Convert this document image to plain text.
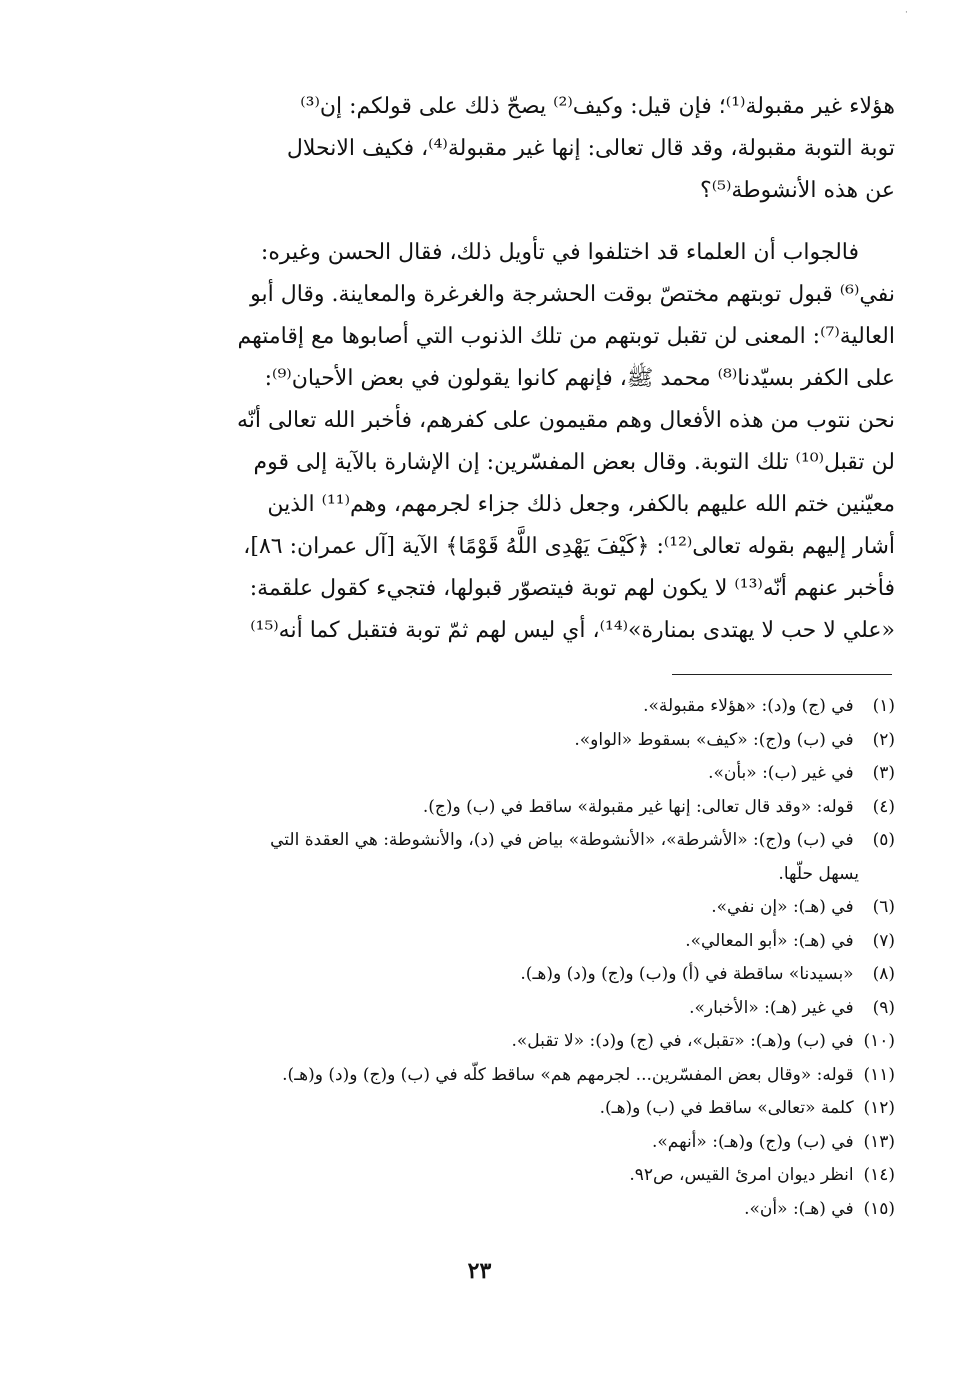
·
هؤلاء غير مقبولة⁽¹⁾؛ فإن قيل: وكيف⁽²⁾ يصحّ ذلك على قولكم: إن⁽³⁾
توبة التوبة مقبولة، وقد قال تعالى: إنها غير مقبولة⁽⁴⁾، فكيف الانحلال
عن هذه الأنشوطة⁽⁵⁾؟
فالجواب أن العلماء قد اختلفوا في تأويل ذلك، فقال الحسن وغيره:
نفي⁽⁶⁾ قبول توبتهم مختصّ بوقت الحشرجة والغرغرة والمعاينة. وقال أبو
العالية⁽⁷⁾: المعنى لن تقبل توبتهم من تلك الذنوب التي أصابوها مع إقامتهم
على الكفر بسيّدنا⁽⁸⁾ محمد ﷺ، فإنهم كانوا يقولون في بعض الأحيان⁽⁹⁾:
نحن نتوب من هذه الأفعال وهم مقيمون على كفرهم، فأخبر الله تعالى أنّه
لن تقبل⁽¹⁰⁾ تلك التوبة. وقال بعض المفسّرين: إن الإشارة بالآية إلى قوم
معيّنين ختم الله عليهم بالكفر، وجعل ذلك جزاء لجرمهم، وهم⁽¹¹⁾ الذين
أشار إليهم بقوله تعالى⁽¹²⁾: ﴿كَيْفَ يَهْدِى اللَّهُ قَوْمًا﴾ الآية [آل عمران: ٨٦]،
فأخبر عنهم أنّه⁽¹³⁾ لا يكون لهم توبة فيتصوّر قبولها، فتجيء كقول علقمة:
«علي لا حب لا يهتدى بمنارة»⁽¹⁴⁾، أي ليس لهم ثمّ توبة فتقبل كما أنه⁽¹⁵⁾
(١) في (ج) و(د): «هؤلاء مقبولة».
(٢) في (ب) و(ج): «كيف» بسقوط «الواو».
(٣) في غير (ب): «بأن».
(٤) قوله: «وقد قال تعالى: إنها غير مقبولة» ساقط في (ب) و(ج).
(٥) في (ب) و(ج): «الأشرطة»، «الأنشوطة» بياض في (د)، والأنشوطة: هي العقدة التي
يسهل حلّها.
(٦) في (هـ): «إن نفي».
(٧) في (هـ): «أبو المعالي».
(٨) «بسيدنا» ساقطة في (أ) و(ب) و(ج) و(د) و(هـ).
(٩) في غير (هـ): «الأخبار».
(١٠) في (ب) و(هـ): «تقبل»، في (ج) و(د): «لا تقبل».
(١١) قوله: «وقال بعض المفسّرين... لجرمهم هم» ساقط كلّه في (ب) و(ج) و(د) و(هـ).
(١٢) كلمة «تعالى» ساقط في (ب) و(هـ).
(١٣) في (ب) و(ج) و(هـ): «أنهم».
(١٤) انظر ديوان امرئ القيس، ص٩٢.
(١٥) في (هـ): «أن».
٢٣
